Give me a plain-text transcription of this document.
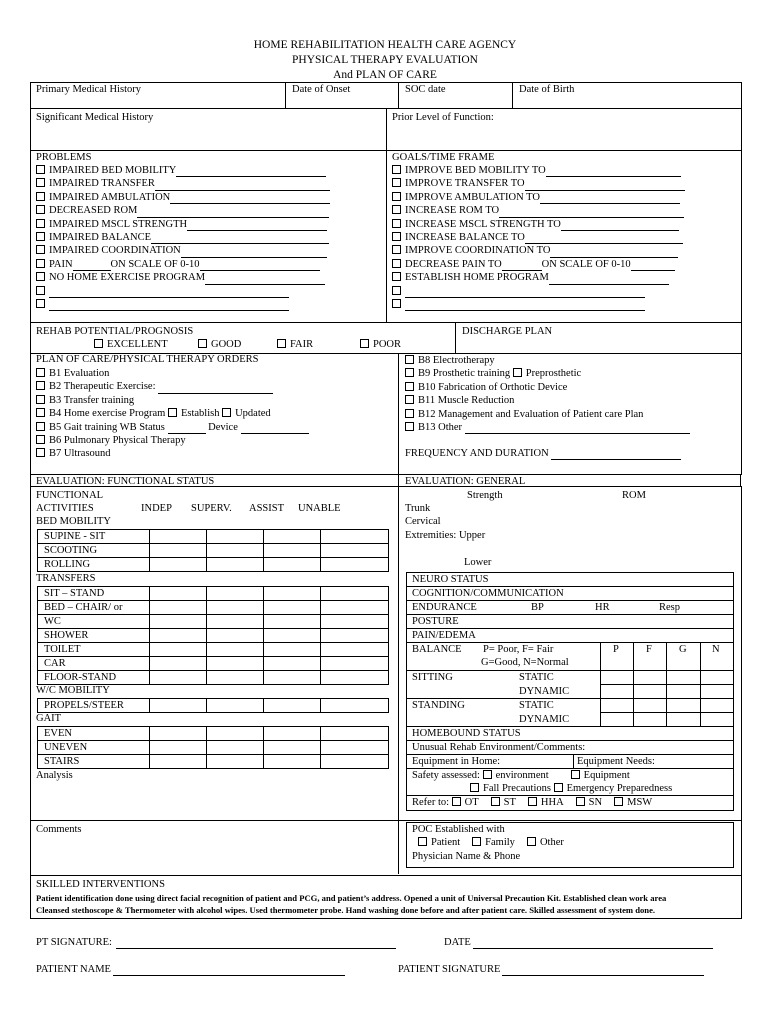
HOME REHABILITATION HEALTH CARE AGENCY
PHYSICAL THERAPY EVALUATION
And PLAN OF CARE
Primary Medical History	Date of Onset	SOC date	Date of Birth
Significant Medical History	Prior Level of Function:
PROBLEMS
IMPAIRED BED MOBILITY
IMPAIRED TRANSFER
IMPAIRED AMBULATION
DECREASED ROM
IMPAIRED MSCL STRENGTH
IMPAIRED BALANCE
IMPAIRED COORDINATION
PAIN	ON SCALE OF 0-10
NO HOME EXERCISE PROGRAM
GOALS/TIME FRAME
IMPROVE BED MOBILITY TO
IMPROVE TRANSFER TO
IMPROVE AMBULATION TO
INCREASE ROM TO
INCREASE MSCL STRENGTH TO
INCREASE BALANCE TO
IMPROVE COORDINATION TO
DECREASE PAIN TO	ON SCALE OF 0-10
ESTABLISH HOME PROGRAM
REHAB POTENTIAL/PROGNOSIS
EXCELLENT	GOOD	FAIR	POOR
DISCHARGE PLAN
PLAN OF CARE/PHYSICAL THERAPY ORDERS
B1 Evaluation
B2 Therapeutic Exercise:
B3 Transfer training
B4 Home exercise Program Establish Updated
B5 Gait training WB Status	Device
B6 Pulmonary Physical Therapy
B7 Ultrasound
B8 Electrotherapy
B9 Prosthetic training Preprosthetic
B10 Fabrication of Orthotic Device
B11 Muscle Reduction
B12 Management and Evaluation of Patient care Plan
B13 Other
FREQUENCY AND DURATION
EVALUATION: FUNCTIONAL STATUS	EVALUATION: GENERAL
FUNCTIONAL
ACTIVITIES	INDEP SUPERV. ASSIST UNABLE
BED MOBILITY
SUPINE - SIT				
SCOOTING				
ROLLING				
TRANSFERS
SIT – STAND				
BED – CHAIR/ or				
WC				
SHOWER				
TOILET				
CAR				
FLOOR-STAND				
W/C MOBILITY
PROPELS/STEER				
GAIT
EVEN				
UNEVEN				
STAIRS				
Analysis
Strength	ROM
Trunk
Cervical
Extremities: Upper
Lower
NEURO STATUS
COGNITION/COMMUNICATION
ENDURANCE	BP	HR	Resp
POSTURE
PAIN/EDEMA
BALANCE P= Poor, F= Fair
G=Good, N=Normal
P	F	G N
SITTING	STATIC
DYNAMIC
STANDING	STATIC
DYNAMIC
HOMEBOUND STATUS
Unusual Rehab Environment/Comments:
Equipment in Home:	Equipment Needs:
Safety assessed: environment	Equipment
Fall Precautions Emergency Preparedness
Refer to: OT ST HHA SN MSW
Comments	POC Established with
Patient Family Other
Physician Name & Phone
SKILLED INTERVENTIONS
Patient identification done using direct facial recognition of patient and PCG, and patient’s address. Opened a unit of Universal Precaution Kit. Established clean work area
Cleansed stethoscope & Thermometer with alcohol wipes. Used thermometer probe. Hand washing done before and after patient care. Skilled assessment of system done.
PT SIGNATURE:	DATE
PATIENT NAME	PATIENT SIGNATURE
